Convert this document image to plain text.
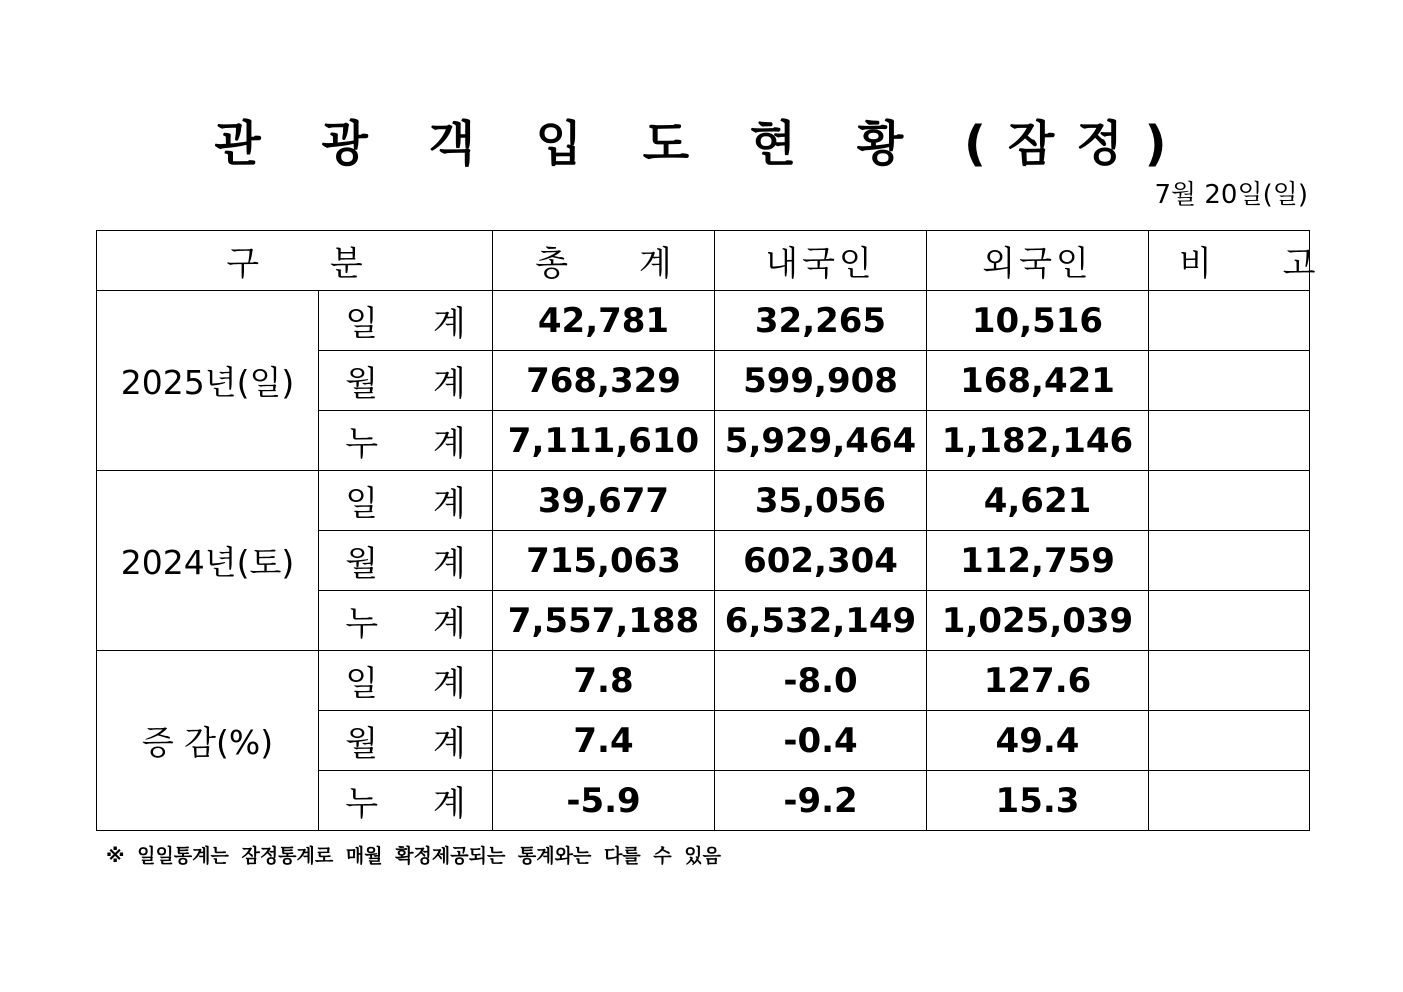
관 광 객 입 도 현 황 (잠정)
7월 20일(일)
구 분		총 계	내국인	외국인	비 고
2025년(일)	일 계	42,781	32,265	10,516	
	월 계	768,329	599,908	168,421	
	누 계	7,111,610	5,929,464	1,182,146	
2024년(토)	일 계	39,677	35,056	4,621	
	월 계	715,063	602,304	112,759	
	누 계	7,557,188	6,532,149	1,025,039	
증 감(%)	일 계	7.8	-8.0	127.6	
	월 계	7.4	-0.4	49.4	
	누 계	-5.9	-9.2	15.3	
※ 일일통계는 잠정통계로 매월 확정제공되는 통계와는 다를 수 있음
